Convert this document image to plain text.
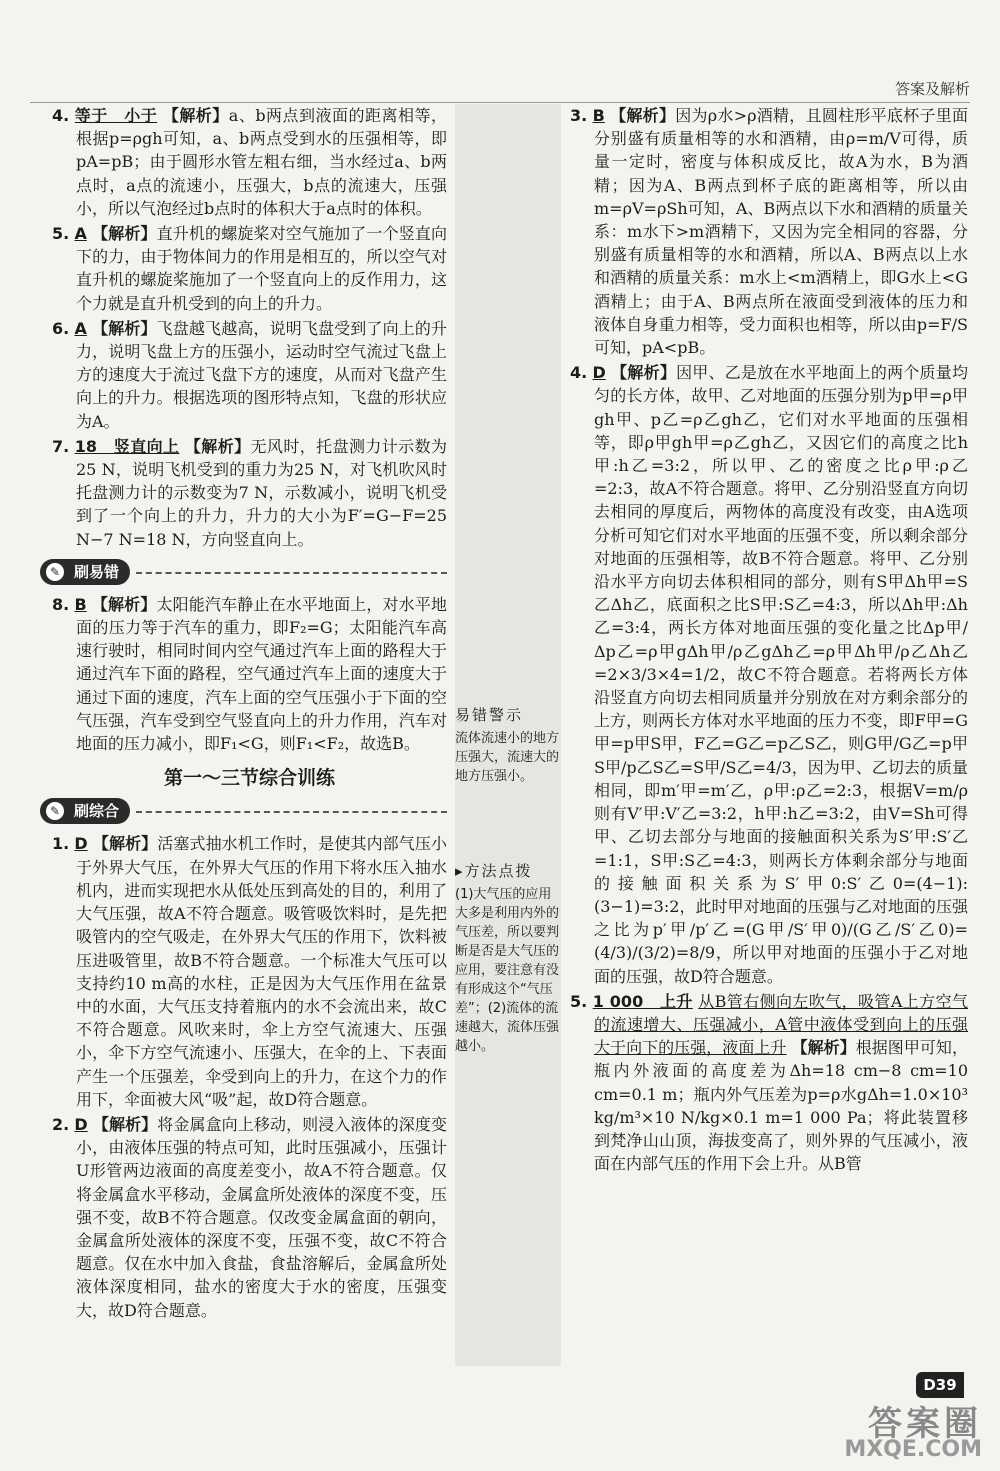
答案及解析

4. 等于　小于 【解析】a、b两点到液面的距离相等，根据p=ρgh可知，a、b两点受到水的压强相等，即pA=pB；由于圆形水管左粗右细，当水经过a、b两点时，a点的流速小，压强大，b点的流速大，压强小，所以气泡经过b点时的体积大于a点时的体积。

5. A 【解析】直升机的螺旋桨对空气施加了一个竖直向下的力，由于物体间力的作用是相互的，所以空气对直升机的螺旋桨施加了一个竖直向上的反作用力，这个力就是直升机受到的向上的升力。

6. A 【解析】飞盘越飞越高，说明飞盘受到了向上的升力，说明飞盘上方的压强小，运动时空气流过飞盘上方的速度大于流过飞盘下方的速度，从而对飞盘产生向上的升力。根据选项的图形特点知，飞盘的形状应为A。

7. 18　竖直向上 【解析】无风时，托盘测力计示数为25 N，说明飞机受到的重力为25 N，对飞机吹风时托盘测力计的示数变为7 N，示数减小，说明飞机受到了一个向上的升力，升力的大小为F′=G−F=25 N−7 N=18 N，方向竖直向上。

✎ 刷易错

8. B 【解析】太阳能汽车静止在水平地面上，对水平地面的压力等于汽车的重力，即F₂=G；太阳能汽车高速行驶时，相同时间内空气通过汽车上面的路程大于通过汽车下面的路程，空气通过汽车上面的速度大于通过下面的速度，汽车上面的空气压强小于下面的空气压强，汽车受到空气竖直向上的升力作用，汽车对地面的压力减小，即F₁<G，则F₁<F₂，故选B。

第一～三节综合训练
✎ 刷综合

1. D 【解析】活塞式抽水机工作时，是使其内部气压小于外界大气压，在外界大气压的作用下将水压入抽水机内，进而实现把水从低处压到高处的目的，利用了大气压强，故A不符合题意。吸管吸饮料时，是先把吸管内的空气吸走，在外界大气压的作用下，饮料被压进吸管里，故B不符合题意。一个标准大气压可以支持约10 m高的水柱，正是因为大气压作用在盆景中的水面，大气压支持着瓶内的水不会流出来，故C不符合题意。风吹来时，伞上方空气流速大、压强小，伞下方空气流速小、压强大，在伞的上、下表面产生一个压强差，伞受到向上的升力，在这个力的作用下，伞面被大风“吸”起，故D符合题意。

2. D 【解析】将金属盒向上移动，则浸入液体的深度变小，由液体压强的特点可知，此时压强减小，压强计U形管两边液面的高度差变小，故A不符合题意。仅将金属盒水平移动，金属盒所处液体的深度不变，压强不变，故B不符合题意。仅改变金属盒面的朝向，金属盒所处液体的深度不变，压强不变，故C不符合题意。仅在水中加入食盐，食盐溶解后，金属盒所处液体深度相同，盐水的密度大于水的密度，压强变大，故D符合题意。

易错警示
流体流速小的地方压强大，流速大的地方压强小。
▸方法点拨
(1)大气压的应用大多是利用内外的气压差，所以要判断是否是大气压的应用，要注意有没有形成这个“气压差”；(2)流体的流速越大，流体压强越小。

3. B 【解析】因为ρ水>ρ酒精，且圆柱形平底杯子里面分别盛有质量相等的水和酒精，由ρ=m/V可得，质量一定时，密度与体积成反比，故A为水，B为酒精；因为A、B两点到杯子底的距离相等，所以由m=ρV=ρSh可知，A、B两点以下水和酒精的质量关系：m水下>m酒精下，又因为完全相同的容器，分别盛有质量相等的水和酒精，所以A、B两点以上水和酒精的质量关系：m水上<m酒精上，即G水上<G酒精上；由于A、B两点所在液面受到液体的压力和液体自身重力相等，受力面积也相等，所以由p=F/S可知，pA<pB。

4. D 【解析】因甲、乙是放在水平地面上的两个质量均匀的长方体，故甲、乙对地面的压强分别为p甲=ρ甲gh甲、p乙=ρ乙gh乙，它们对水平地面的压强相等，即ρ甲gh甲=ρ乙gh乙，又因它们的高度之比h甲:h乙=3:2，所以甲、乙的密度之比ρ甲:ρ乙=2:3，故A不符合题意。将甲、乙分别沿竖直方向切去相同的厚度后，两物体的高度没有改变，由A选项分析可知它们对水平地面的压强不变，所以剩余部分对地面的压强相等，故B不符合题意。将甲、乙分别沿水平方向切去体积相同的部分，则有S甲Δh甲=S乙Δh乙，底面积之比S甲:S乙=4:3，所以Δh甲:Δh乙=3:4，两长方体对地面压强的变化量之比Δp甲/Δp乙=ρ甲gΔh甲/ρ乙gΔh乙=ρ甲Δh甲/ρ乙Δh乙=2×3/3×4=1/2，故C不符合题意。若将两长方体沿竖直方向切去相同质量并分别放在对方剩余部分的上方，则两长方体对水平地面的压力不变，即F甲=G甲=p甲S甲，F乙=G乙=p乙S乙，则G甲/G乙=p甲S甲/p乙S乙=S甲/S乙=4/3，因为甲、乙切去的质量相同，即m′甲=m′乙，ρ甲:ρ乙=2:3，根据V=m/ρ则有V′甲:V′乙=3:2，h甲:h乙=3:2，由V=Sh可得甲、乙切去部分与地面的接触面积关系为S′甲:S′乙=1:1，S甲:S乙=4:3，则两长方体剩余部分与地面的接触面积关系为S′甲0:S′乙0=(4−1):(3−1)=3:2，此时甲对地面的压强与乙对地面的压强之比为p′甲/p′乙=(G甲/S′甲0)/(G乙/S′乙0)=(4/3)/(3/2)=8/9，所以甲对地面的压强小于乙对地面的压强，故D符合题意。

5. 1 000　上升 从B管右侧向左吹气，吸管A上方空气的流速增大、压强减小，A管中液体受到向上的压强大于向下的压强，液面上升 【解析】根据图甲可知，瓶内外液面的高度差为Δh=18 cm−8 cm=10 cm=0.1 m；瓶内外气压差为p=ρ水gΔh=1.0×10³ kg/m³×10 N/kg×0.1 m=1 000 Pa；将此装置移到梵净山山顶，海拔变高了，则外界的气压减小，液面在内部气压的作用下会上升。从B管

D39
答案圈
MXQE.COM
